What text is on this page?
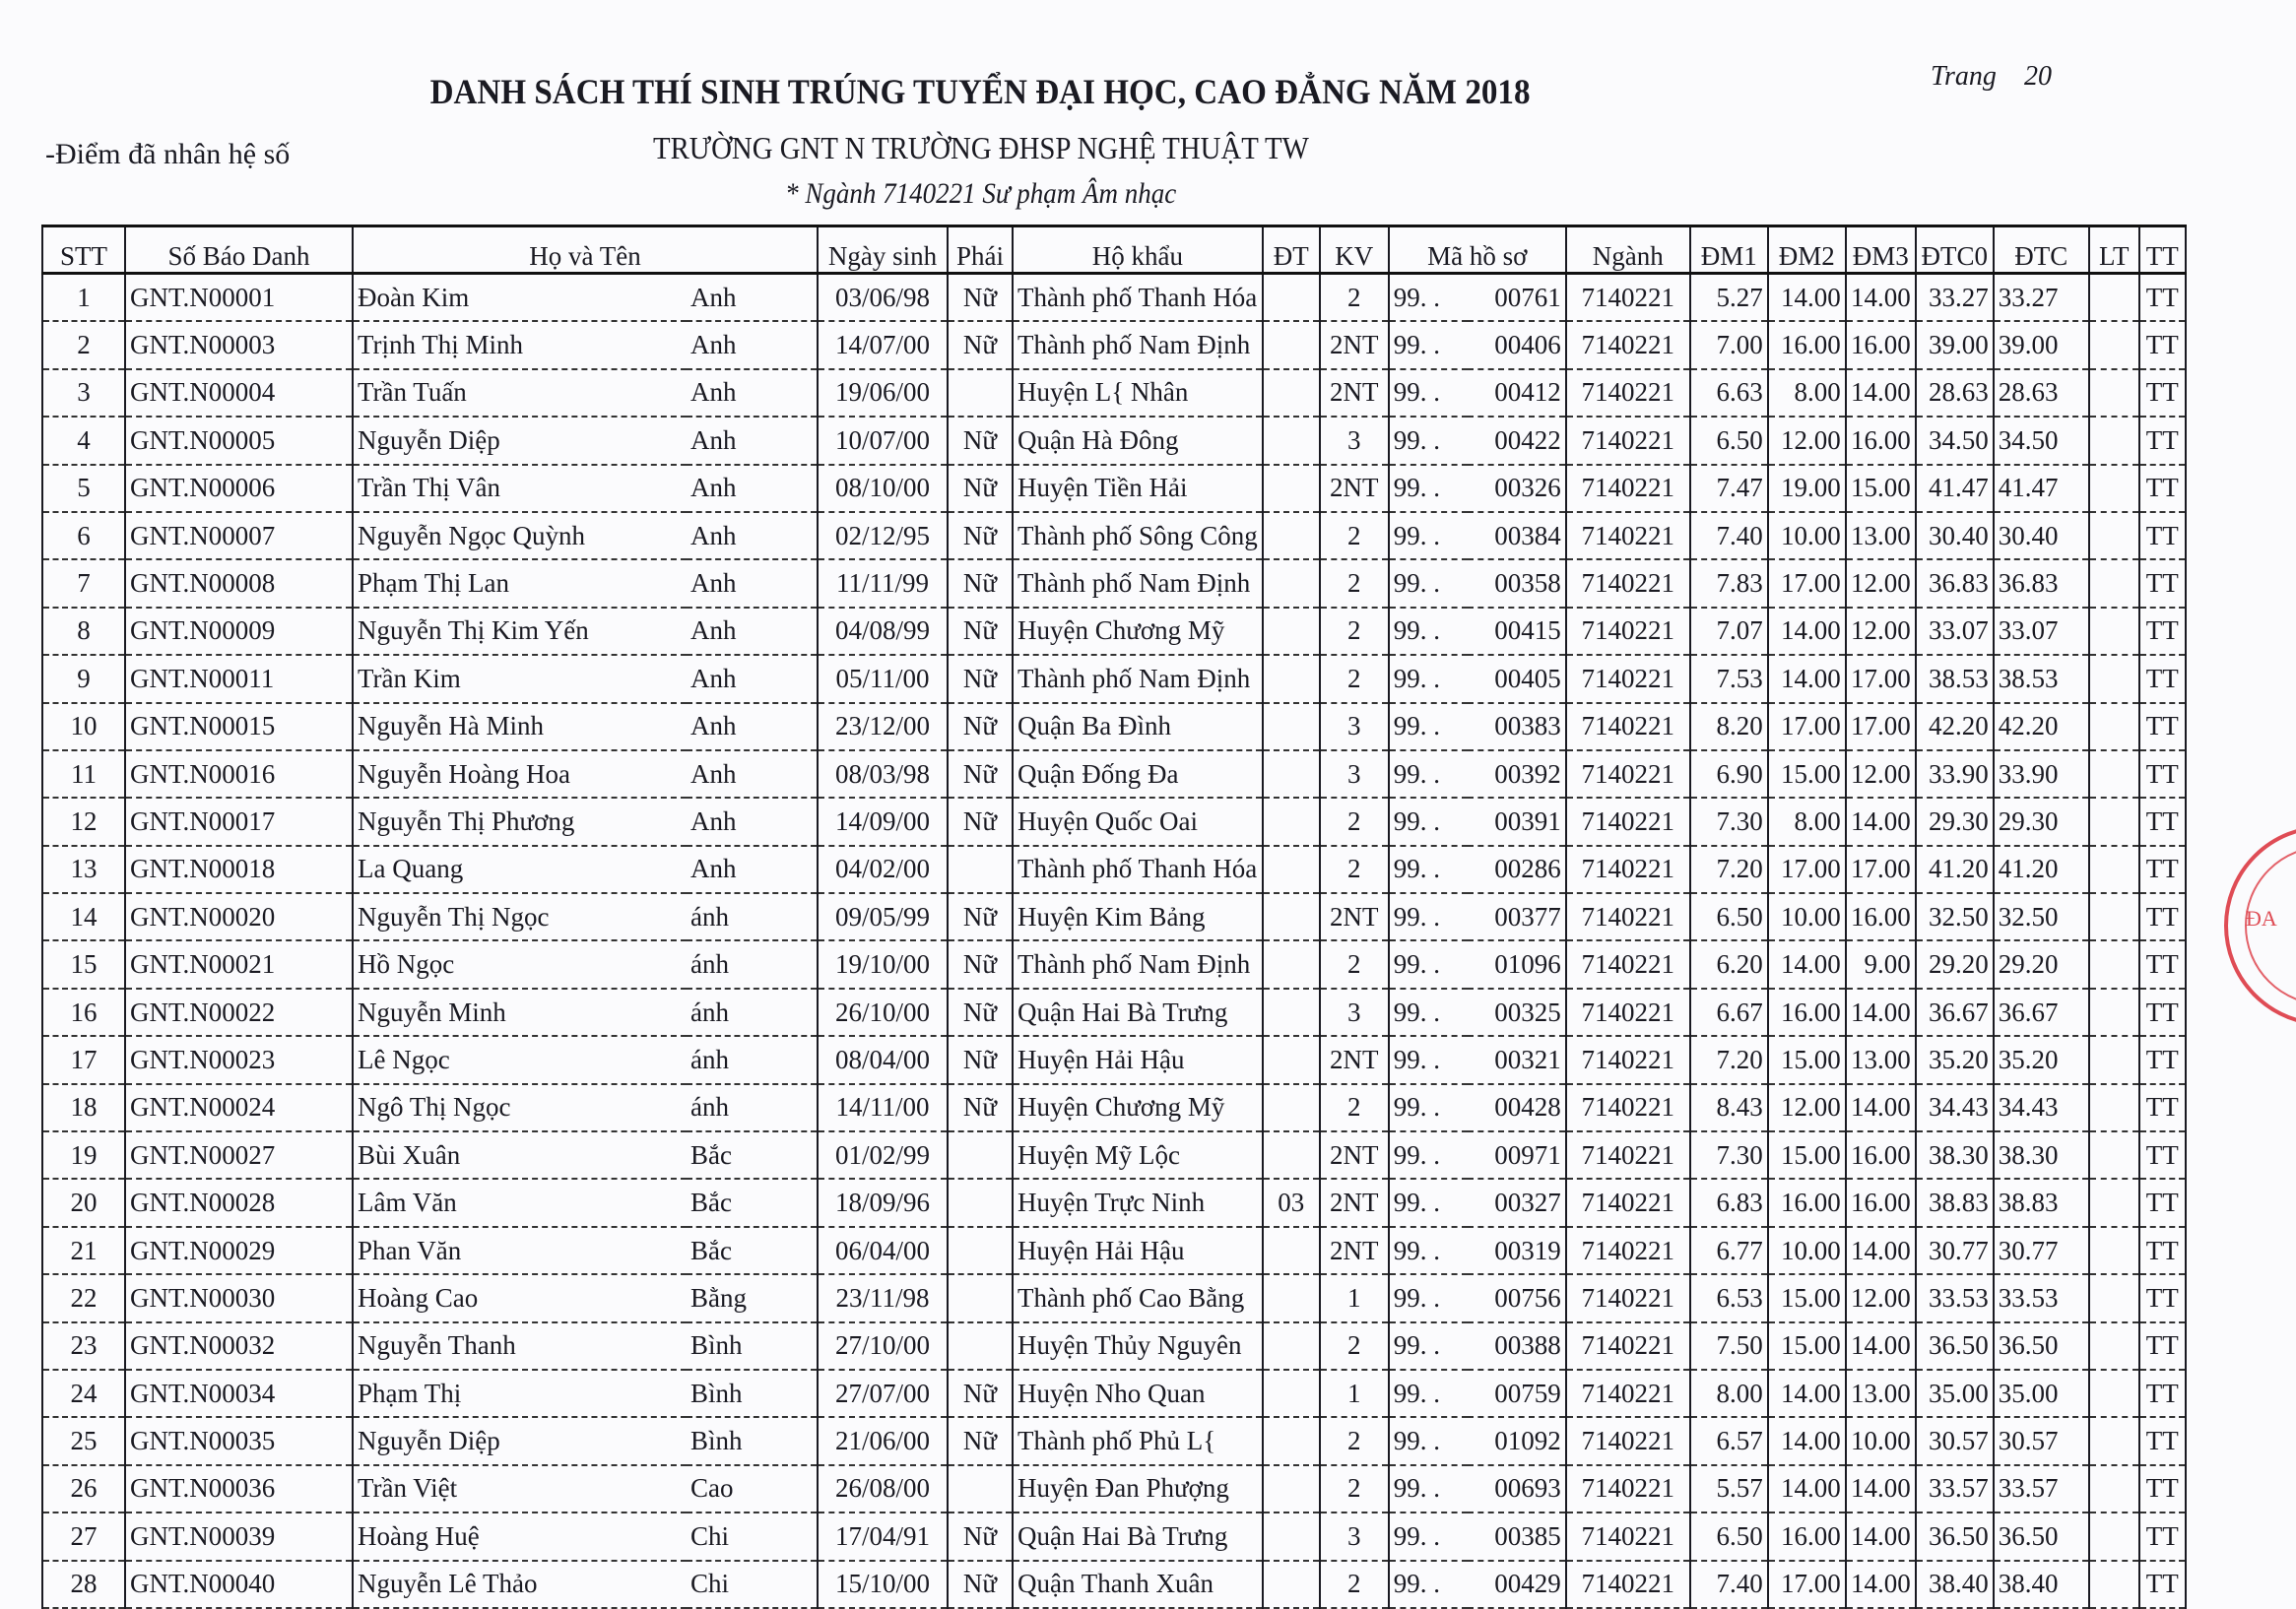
DANH SÁCH THÍ SINH TRÚNG TUYỂN ĐẠI HỌC, CAO ĐẲNG NĂM 2018
TRƯỜNG GNT N TRƯỜNG ĐHSP NGHỆ THUẬT TW
* Ngành 7140221 Sư phạm Âm nhạc
Trang 20
-Điểm đã nhân hệ số
STT	Số Báo Danh	Họ và Tên		Ngày sinh	Phái	Hộ khẩu	ĐT	KV	Mã hồ sơ		Ngành	ĐM1	ĐM2	ĐM3	ĐTC0	ĐTC	LT	TT
1	GNT.N00001	Đoàn Kim	Anh	03/06/98	Nữ	Thành phố Thanh Hóa		2	99. .	00761	7140221	5.27	14.00	14.00	33.27	33.27		TT
2	GNT.N00003	Trịnh Thị Minh	Anh	14/07/00	Nữ	Thành phố Nam Định		2NT	99. .	00406	7140221	7.00	16.00	16.00	39.00	39.00		TT
3	GNT.N00004	Trần Tuấn	Anh	19/06/00		Huyện L{ Nhân		2NT	99. .	00412	7140221	6.63	8.00	14.00	28.63	28.63		TT
4	GNT.N00005	Nguyễn Diệp	Anh	10/07/00	Nữ	Quận Hà Đông		3	99. .	00422	7140221	6.50	12.00	16.00	34.50	34.50		TT
5	GNT.N00006	Trần Thị Vân	Anh	08/10/00	Nữ	Huyện Tiền Hải		2NT	99. .	00326	7140221	7.47	19.00	15.00	41.47	41.47		TT
6	GNT.N00007	Nguyễn Ngọc Quỳnh	Anh	02/12/95	Nữ	Thành phố Sông Công		2	99. .	00384	7140221	7.40	10.00	13.00	30.40	30.40		TT
7	GNT.N00008	Phạm Thị Lan	Anh	11/11/99	Nữ	Thành phố Nam Định		2	99. .	00358	7140221	7.83	17.00	12.00	36.83	36.83		TT
8	GNT.N00009	Nguyễn Thị Kim Yến	Anh	04/08/99	Nữ	Huyện Chương Mỹ		2	99. .	00415	7140221	7.07	14.00	12.00	33.07	33.07		TT
9	GNT.N00011	Trần Kim	Anh	05/11/00	Nữ	Thành phố Nam Định		2	99. .	00405	7140221	7.53	14.00	17.00	38.53	38.53		TT
10	GNT.N00015	Nguyễn Hà Minh	Anh	23/12/00	Nữ	Quận Ba Đình		3	99. .	00383	7140221	8.20	17.00	17.00	42.20	42.20		TT
11	GNT.N00016	Nguyễn Hoàng Hoa	Anh	08/03/98	Nữ	Quận Đống Đa		3	99. .	00392	7140221	6.90	15.00	12.00	33.90	33.90		TT
12	GNT.N00017	Nguyễn Thị Phương	Anh	14/09/00	Nữ	Huyện Quốc Oai		2	99. .	00391	7140221	7.30	8.00	14.00	29.30	29.30		TT
13	GNT.N00018	La Quang	Anh	04/02/00		Thành phố Thanh Hóa		2	99. .	00286	7140221	7.20	17.00	17.00	41.20	41.20		TT
14	GNT.N00020	Nguyễn Thị Ngọc	ánh	09/05/99	Nữ	Huyện Kim Bảng		2NT	99. .	00377	7140221	6.50	10.00	16.00	32.50	32.50		TT
15	GNT.N00021	Hồ Ngọc	ánh	19/10/00	Nữ	Thành phố Nam Định		2	99. .	01096	7140221	6.20	14.00	9.00	29.20	29.20		TT
16	GNT.N00022	Nguyễn Minh	ánh	26/10/00	Nữ	Quận Hai Bà Trưng		3	99. .	00325	7140221	6.67	16.00	14.00	36.67	36.67		TT
17	GNT.N00023	Lê Ngọc	ánh	08/04/00	Nữ	Huyện Hải Hậu		2NT	99. .	00321	7140221	7.20	15.00	13.00	35.20	35.20		TT
18	GNT.N00024	Ngô Thị Ngọc	ánh	14/11/00	Nữ	Huyện Chương Mỹ		2	99. .	00428	7140221	8.43	12.00	14.00	34.43	34.43		TT
19	GNT.N00027	Bùi Xuân	Bắc	01/02/99		Huyện Mỹ Lộc		2NT	99. .	00971	7140221	7.30	15.00	16.00	38.30	38.30		TT
20	GNT.N00028	Lâm Văn	Bắc	18/09/96		Huyện Trực Ninh	03	2NT	99. .	00327	7140221	6.83	16.00	16.00	38.83	38.83		TT
21	GNT.N00029	Phan Văn	Bắc	06/04/00		Huyện Hải Hậu		2NT	99. .	00319	7140221	6.77	10.00	14.00	30.77	30.77		TT
22	GNT.N00030	Hoàng Cao	Bằng	23/11/98		Thành phố Cao Bằng		1	99. .	00756	7140221	6.53	15.00	12.00	33.53	33.53		TT
23	GNT.N00032	Nguyễn Thanh	Bình	27/10/00		Huyện Thủy Nguyên		2	99. .	00388	7140221	7.50	15.00	14.00	36.50	36.50		TT
24	GNT.N00034	Phạm Thị	Bình	27/07/00	Nữ	Huyện Nho Quan		1	99. .	00759	7140221	8.00	14.00	13.00	35.00	35.00		TT
25	GNT.N00035	Nguyễn Diệp	Bình	21/06/00	Nữ	Thành phố Phủ L{		2	99. .	01092	7140221	6.57	14.00	10.00	30.57	30.57		TT
26	GNT.N00036	Trần Việt	Cao	26/08/00		Huyện Đan Phượng		2	99. .	00693	7140221	5.57	14.00	14.00	33.57	33.57		TT
27	GNT.N00039	Hoàng Huệ	Chi	17/04/91	Nữ	Quận Hai Bà Trưng		3	99. .	00385	7140221	6.50	16.00	14.00	36.50	36.50		TT
28	GNT.N00040	Nguyễn Lê Thảo	Chi	15/10/00	Nữ	Quận Thanh Xuân		2	99. .	00429	7140221	7.40	17.00	14.00	38.40	38.40		TT
ĐA
